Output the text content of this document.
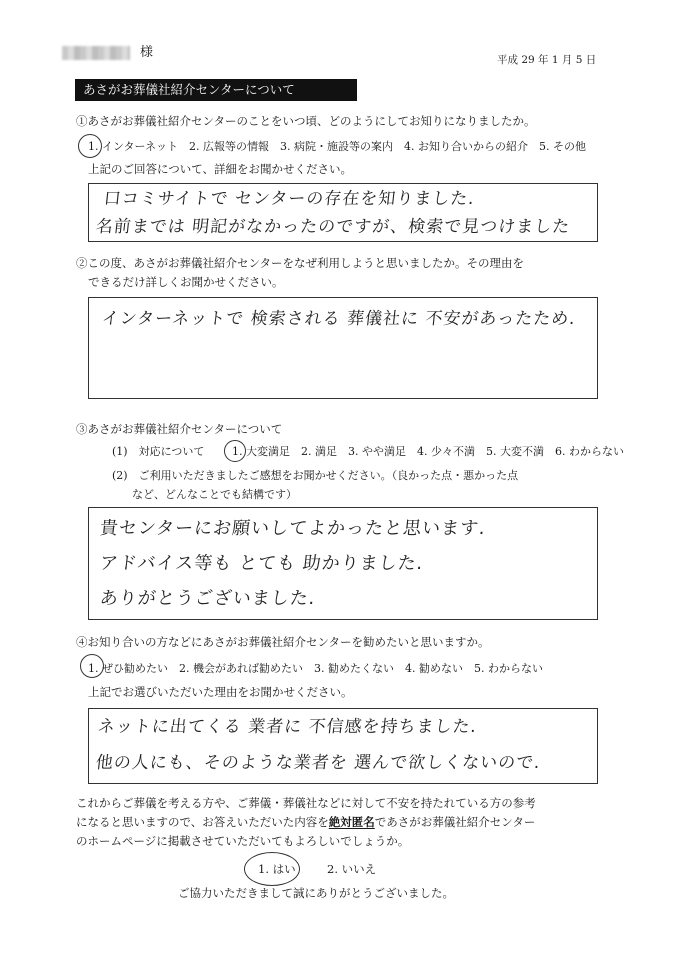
様	平成 29 年 1 月 5 日
あさがお葬儀社紹介センターについて
①あさがお葬儀社紹介センターのことをいつ頃、どのようにしてお知りになりましたか。
1. インターネット　2. 広報等の情報　3. 病院・施設等の案内　4. お知り合いからの紹介　5. その他
上記のご回答について、詳細をお聞かせください。
口コミサイトで センターの存在を知りました.
名前までは 明記がなかったのですが、検索で見つけました
②この度、あさがお葬儀社紹介センターをなぜ利用しようと思いましたか。その理由を
できるだけ詳しくお聞かせください。
インターネットで 検索される 葬儀社に 不安があったため.
③あさがお葬儀社紹介センターについて
(1)　対応について	1. 大変満足　2. 満足　3. やや満足　4. 少々不満　5. 大変不満　6. わからない
(2)　ご利用いただきましたご感想をお聞かせください。（良かった点・悪かった点
など、どんなことでも結構です）
貴センターにお願いしてよかったと思います.
アドバイス等も とても 助かりました.
ありがとうございました.
④お知り合いの方などにあさがお葬儀社紹介センターを勧めたいと思いますか。
1. ぜひ勧めたい　2. 機会があれば勧めたい　3. 勧めたくない　4. 勧めない　5. わからない
上記でお選びいただいた理由をお聞かせください。
ネットに出てくる 業者に 不信感を持ちました.
他の人にも、そのような業者を 選んで欲しくないので.
これからご葬儀を考える方や、ご葬儀・葬儀社などに対して不安を持たれている方の参考
になると思いますので、お答えいただいた内容を絶対匿名であさがお葬儀社紹介センター
のホームページに掲載させていただいてもよろしいでしょうか。
1. はい	2. いいえ
ご協力いただきまして誠にありがとうございました。
